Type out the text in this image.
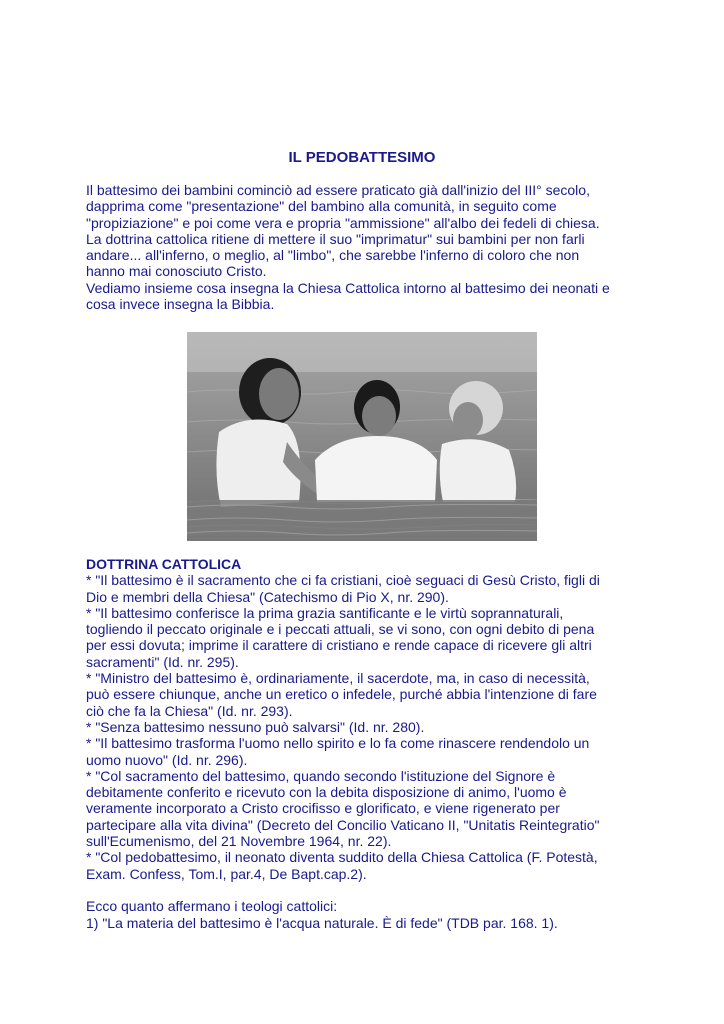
IL PEDOBATTESIMO

Il battesimo dei bambini cominciò ad essere praticato già dall'inizio del III° secolo,

dapprima come "presentazione" del bambino alla comunità, in seguito come

"propiziazione" e poi come vera e propria "ammissione" all'albo dei fedeli di chiesa.

La dottrina cattolica ritiene di mettere il suo "imprimatur" sui bambini per non farli

andare... all'inferno, o meglio, al "limbo", che sarebbe l'inferno di coloro che non

hanno mai conosciuto Cristo.

Vediamo insieme cosa insegna la Chiesa Cattolica intorno al battesimo dei neonati e

cosa invece insegna la Bibbia.

DOTTRINA CATTOLICA

* "Il battesimo è il sacramento che ci fa cristiani, cioè seguaci di Gesù Cristo, figli di

Dio e membri della Chiesa" (Catechismo di Pio X, nr. 290).

* "Il battesimo conferisce la prima grazia santificante e le virtù soprannaturali,

togliendo il peccato originale e i peccati attuali, se vi sono, con ogni debito di pena

per essi dovuta; imprime il carattere di cristiano e rende capace di ricevere gli altri

sacramenti" (Id. nr. 295).

* "Ministro del battesimo è, ordinariamente, il sacerdote, ma, in caso di necessità,

può essere chiunque, anche un eretico o infedele, purché abbia l'intenzione di fare

ciò che fa la Chiesa" (Id. nr. 293).

* "Senza battesimo nessuno può salvarsi" (Id. nr. 280).

* "Il battesimo trasforma l'uomo nello spirito e lo fa come rinascere rendendolo un

uomo nuovo" (Id. nr. 296).

* "Col sacramento del battesimo, quando secondo l'istituzione del Signore è

debitamente conferito e ricevuto con la debita disposizione di animo, l'uomo è

veramente incorporato a Cristo crocifisso e glorificato, e viene rigenerato per

partecipare alla vita divina" (Decreto del Concilio Vaticano II, "Unitatis Reintegratio"

sull'Ecumenismo, del 21 Novembre 1964, nr. 22).

* "Col pedobattesimo, il neonato diventa suddito della Chiesa Cattolica (F. Potestà,

Exam. Confess, Tom.I, par.4, De Bapt.cap.2).

Ecco quanto affermano i teologi cattolici:

1) "La materia del battesimo è l'acqua naturale. È di fede" (TDB par. 168. 1).
